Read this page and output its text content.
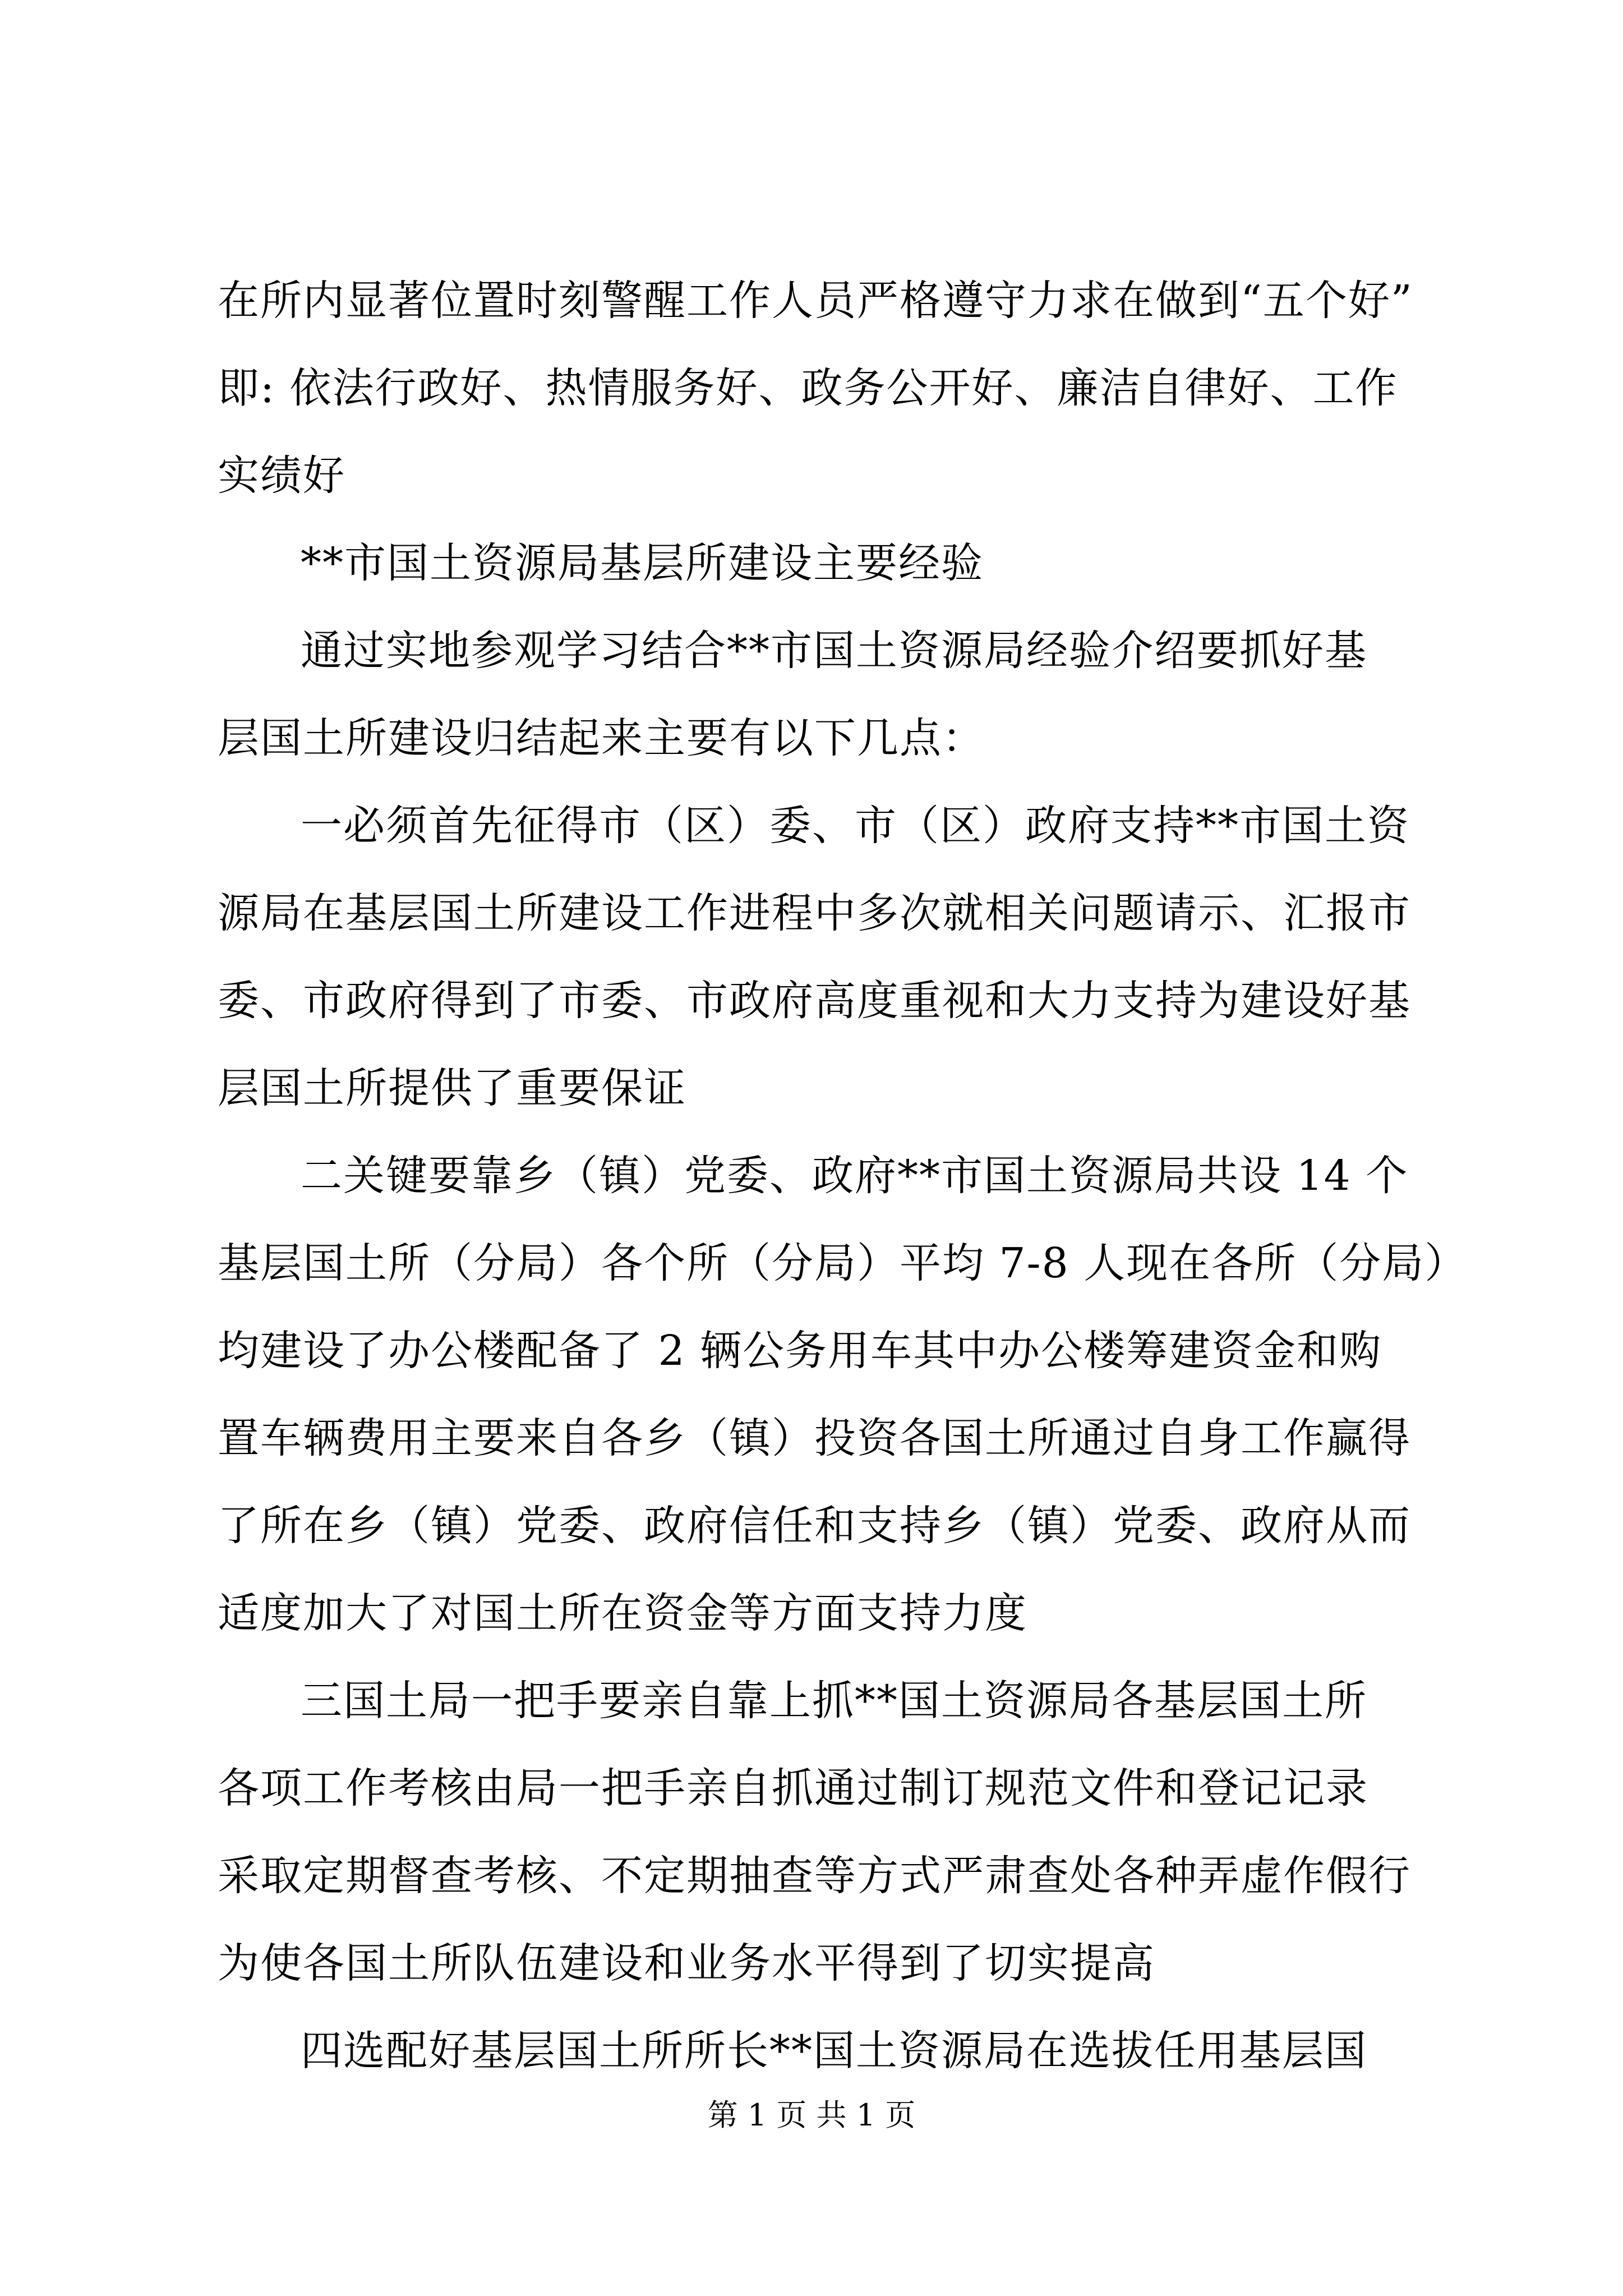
在所内显著位置时刻警醒工作人员严格遵守力求在做到“五个好”
即: 依法行政好、热情服务好、政务公开好、廉洁自律好、工作
实绩好
**市国土资源局基层所建设主要经验
通过实地参观学习结合**市国土资源局经验介绍要抓好基
层国土所建设归结起来主要有以下几点：
一必须首先征得市（区）委、市（区）政府支持**市国土资
源局在基层国土所建设工作进程中多次就相关问题请示、汇报市
委、市政府得到了市委、市政府高度重视和大力支持为建设好基
层国土所提供了重要保证
二关键要靠乡（镇）党委、政府**市国土资源局共设 14 个
基层国土所（分局）各个所（分局）平均 7-8 人现在各所（分局）
均建设了办公楼配备了 2 辆公务用车其中办公楼筹建资金和购
置车辆费用主要来自各乡（镇）投资各国土所通过自身工作赢得
了所在乡（镇）党委、政府信任和支持乡（镇）党委、政府从而
适度加大了对国土所在资金等方面支持力度
三国土局一把手要亲自靠上抓**国土资源局各基层国土所
各项工作考核由局一把手亲自抓通过制订规范文件和登记记录
采取定期督查考核、不定期抽查等方式严肃查处各种弄虚作假行
为使各国土所队伍建设和业务水平得到了切实提高
四选配好基层国土所所长**国土资源局在选拔任用基层国
第 1 页 共 1 页
